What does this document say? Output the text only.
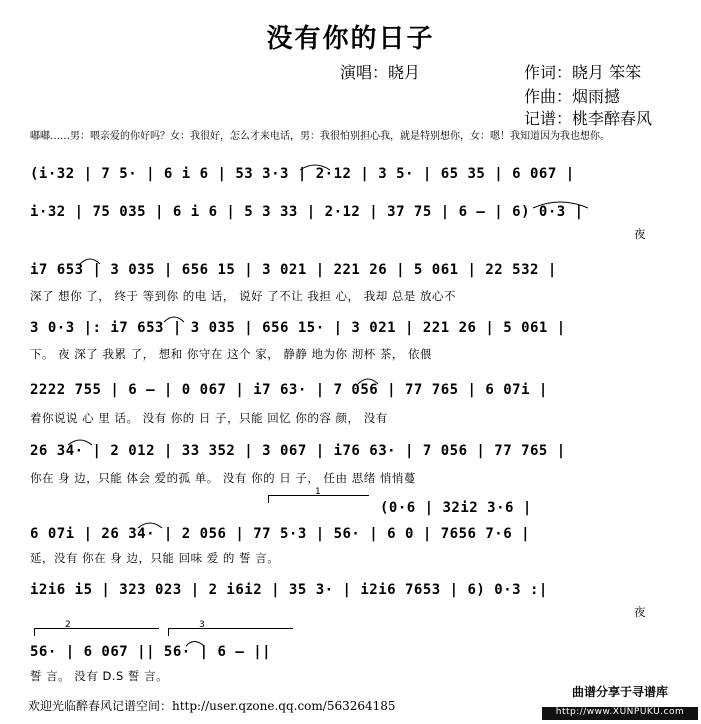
没有你的日子
演唱：晓月	作词：晓月 笨笨
作曲：烟雨撼
记谱：桃李醉春风
嘟嘟……男：喂亲爱的你好吗？女：我很好，怎么才来电话，男：我很怕别担心我，就是特别想你，女：嗯！我知道因为我也想你。
(i·32 | 7 5· | 6 i 6 | 53 3·3 | 2·12 | 3 5· | 65 35 | 6 067 |
i·32 | 75 035 | 6 i 6 | 5 3 33 | 2·12 | 37 75 | 6 — | 6) 0·3 |
夜
i7 653 | 3 035 | 656 15 | 3 021 | 221 26 | 5 061 | 22 532 |
深了 想你 了， 终于 等到你 的电 话， 说好 了不让 我担 心， 我却 总是 放心不
3 0·3 |: i7 653 | 3 035 | 656 15· | 3 021 | 221 26 | 5 061 |
下。 夜 深了 我累 了， 想和 你守在 这个 家， 静静 地为你 沏杯 茶， 依偎
2222 755 | 6 — | 0 067 | i7 63· | 7 056 | 77 765 | 6 07i |
着你说说 心 里 话。 没有 你的 日 子，只能 回忆 你的容 颜， 没有
26 34· | 2 012 | 33 352 | 3 067 | i76 63· | 7 056 | 77 765 |
你在 身 边，只能 体会 爱的孤 单。 没有 你的 日 子， 任由 思绪 悄悄蔓
1
(0·6 | 32i2 3·6 |
6 07i | 26 34· | 2 056 | 77 5·3 | 56· | 6 0 | 7656 7·6 |
延，没有 你在 身 边，只能 回味 爱 的 誓 言。
i2i6 i5 | 323 023 | 2 i6i2 | 35 3· | i2i6 7653 | 6) 0·3 :|
夜
2	3
56· | 6 067 || 56· | 6 — ||
誓 言。 没有 D.S 誓 言。
欢迎光临醉春风记谱空间：http://user.qzone.qq.com/563264185
曲谱分享于寻谱库
http://www.XUNPUKU.com
